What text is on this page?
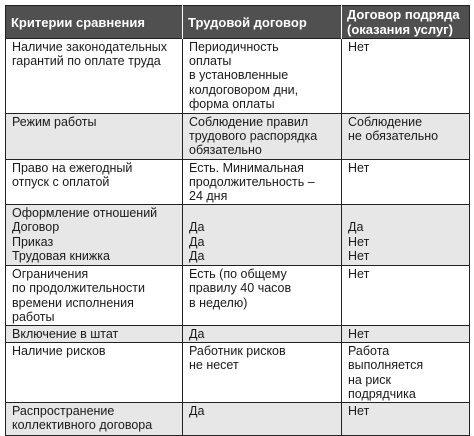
Критерии сравнения	Трудовой договор	Договор подряда (оказания услуг)

Наличие законодательных
гарантий по оплате труда	Периодичность
оплаты
в установленные
колдоговором дни,
форма оплаты	Нет

Режим работы	Соблюдение правил
трудового распорядка
обязательно	Соблюдение
не обязательно

Право на ежегодный
отпуск с оплатой	Есть. Минимальная
продолжительность –
24 дня	Нет

Оформление отношений
Договор
Приказ
Трудовая книжка	Да
Да
Да	Да
Нет
Нет

Ограничения
по продолжительности
времени исполнения
работы	Есть (по общему
правилу 40 часов
в неделю)	Нет

Включение в штат	Да	Нет

Наличие рисков	Работник рисков
не несет	Работа
выполняется
на риск
подрядчика

Распространение
коллективного договора	Да	Нет
